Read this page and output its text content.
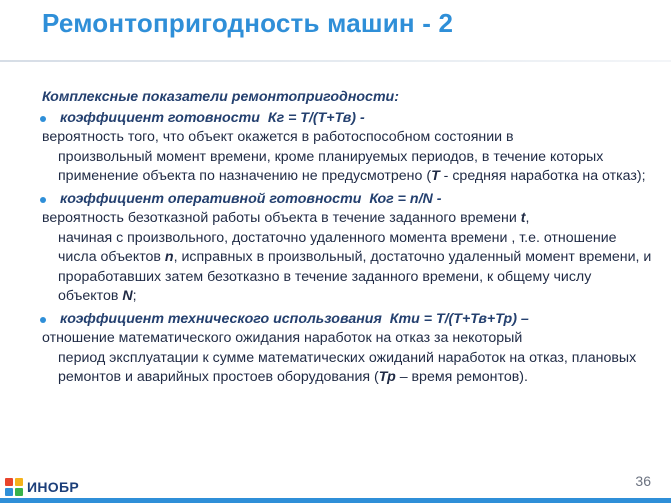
Ремонтопригодность машин - 2
Комплексные показатели ремонтопригодности:
коэффициент готовности Кг = Т/(Т+Тв) -
вероятность того, что объект окажется в работоспособном состоянии в
произвольный момент времени, кроме планируемых периодов, в течение которых применение объекта по назначению не предусмотрено (Т - средняя наработка на отказ);
коэффициент оперативной готовности Ког = n/N -
вероятность безотказной работы объекта в течение заданного времени t,
начиная с произвольного, достаточно удаленного момента времени , т.е. отношение числа объектов n, исправных в произвольный, достаточно удаленный момент времени, и проработавших затем безотказно в течение заданного времени, к общему числу объектов N;
коэффициент технического использования Кти = Т/(Т+Тв+Тр) –
отношение математического ожидания наработок на отказ за некоторый
период эксплуатации к сумме математических ожиданий наработок на отказ, плановых ремонтов и аварийных простоев оборудования (Тр – время ремонтов).
ИНОБР	36
